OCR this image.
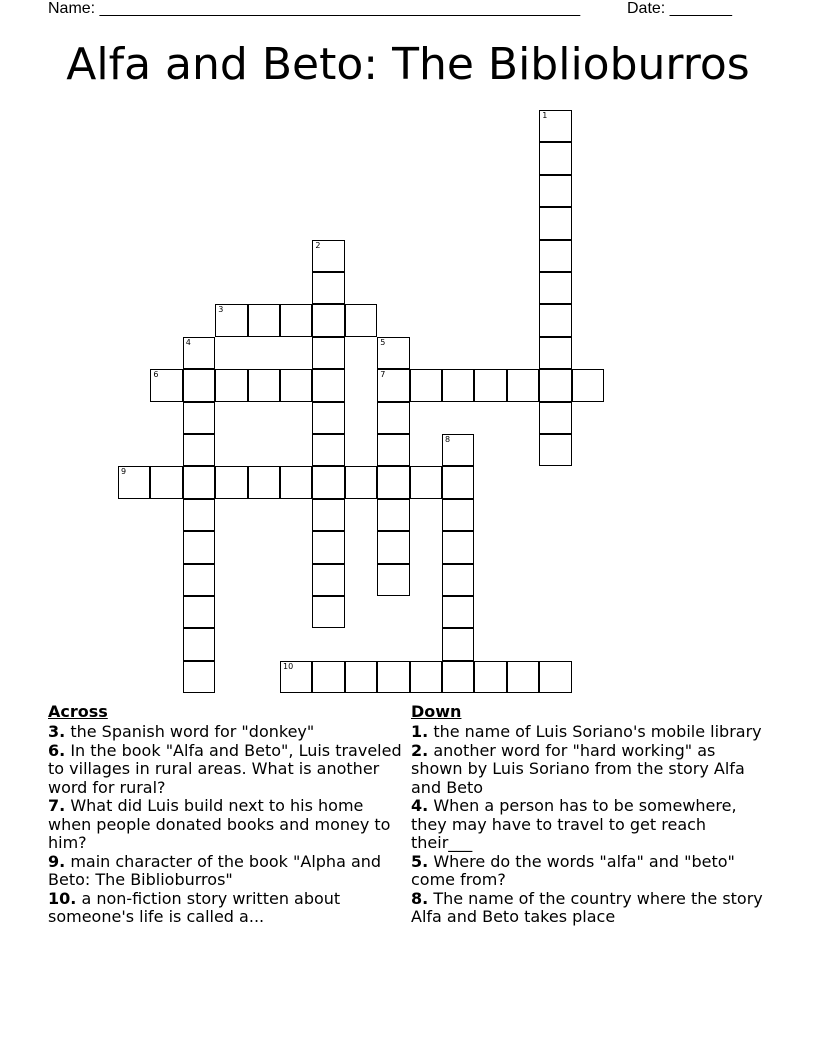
Name: ______________________________________________________	Date: _______
Alfa and Beto: The Biblioburros
1
2
3
4	5
7
6
8
9
10
Across
3. the Spanish word for "donkey"
6. In the book "Alfa and Beto", Luis traveled to villages in rural areas. What is another word for rural?
7. What did Luis build next to his home when people donated books and money to him?
9. main character of the book "Alpha and Beto: The Biblioburros"
10. a non-fiction story written about someone's life is called a...
Down
1. the name of Luis Soriano's mobile library
2. another word for "hard working" as shown by Luis Soriano from the story Alfa and Beto
4. When a person has to be somewhere, they may have to travel to get reach their___
5. Where do the words "alfa" and "beto" come from?
8. The name of the country where the story Alfa and Beto takes place
